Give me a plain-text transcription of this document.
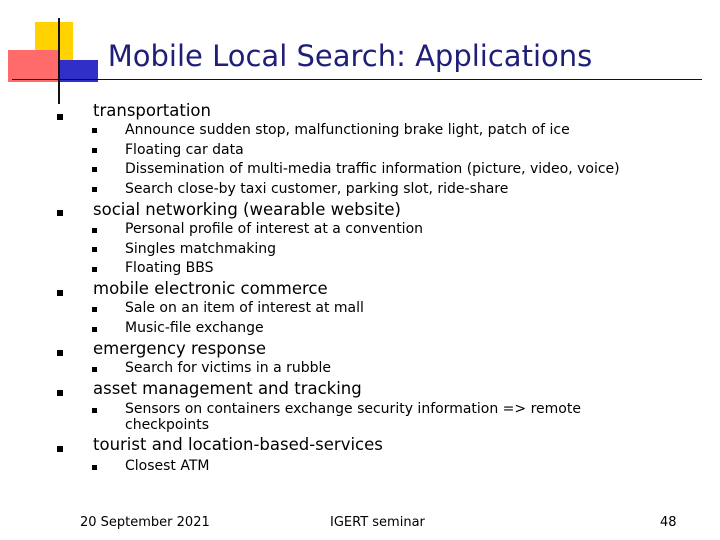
Mobile Local Search: Applications
transportation
Announce sudden stop, malfunctioning brake light, patch of ice
Floating car data
Dissemination of multi-media traffic information (picture, video, voice)
Search close-by taxi customer, parking slot, ride-share
social networking (wearable website)
Personal profile of interest at a convention
Singles matchmaking
Floating BBS
mobile electronic commerce
Sale on an item of interest at mall
Music-file exchange
emergency response
Search for victims in a rubble
asset management and tracking
Sensors on containers exchange security information => remote checkpoints
tourist and location-based-services
Closest ATM
20 September 2021	IGERT seminar	48
